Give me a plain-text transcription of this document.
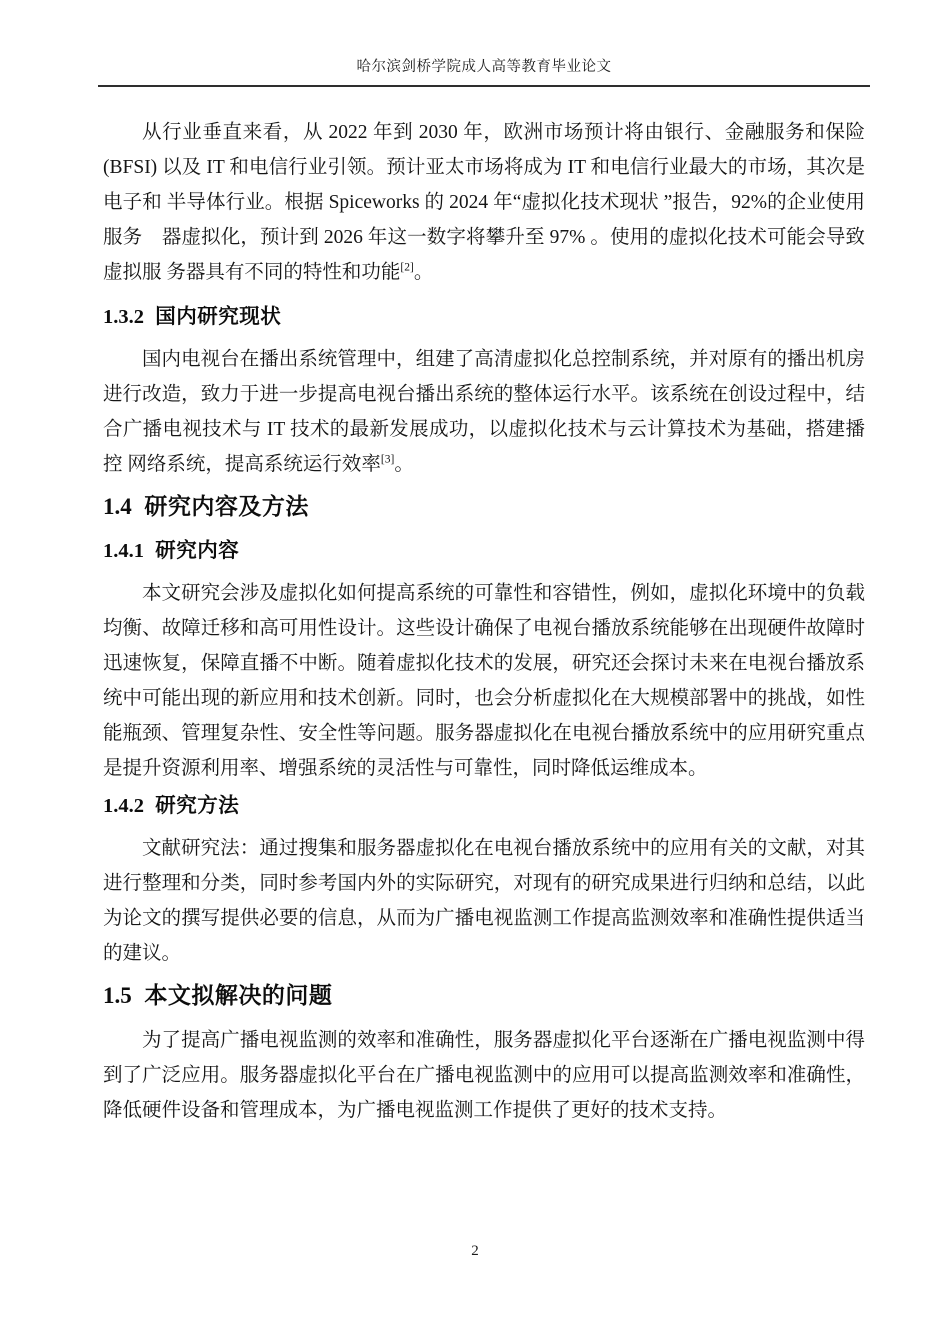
哈尔滨剑桥学院成人高等教育毕业论文

从行业垂直来看，从 2022 年到 2030 年，欧洲市场预计将由银行、金融服务和保险(BFSI) 以及 IT 和电信行业引领。预计亚太市场将成为 IT 和电信行业最大的市场，其次是电子和 半导体行业。根据 Spiceworks 的 2024 年“虚拟化技术现状 ”报告，92%的企业使用服务　器虚拟化，预计到 2026 年这一数字将攀升至 97% 。使用的虚拟化技术可能会导致虚拟服 务器具有不同的特性和功能[2]。

1.3.2 国内研究现状

国内电视台在播出系统管理中，组建了高清虚拟化总控制系统，并对原有的播出机房进行改造，致力于进一步提高电视台播出系统的整体运行水平。该系统在创设过程中，结合广播电视技术与 IT 技术的最新发展成功，以虚拟化技术与云计算技术为基础，搭建播控 网络系统，提高系统运行效率[3]。

1.4 研究内容及方法
1.4.1 研究内容

本文研究会涉及虚拟化如何提高系统的可靠性和容错性，例如，虚拟化环境中的负载均衡、故障迁移和高可用性设计。这些设计确保了电视台播放系统能够在出现硬件故障时迅速恢复，保障直播不中断。随着虚拟化技术的发展，研究还会探讨未来在电视台播放系统中可能出现的新应用和技术创新。同时，也会分析虚拟化在大规模部署中的挑战，如性能瓶颈、管理复杂性、安全性等问题。服务器虚拟化在电视台播放系统中的应用研究重点是提升资源利用率、增强系统的灵活性与可靠性，同时降低运维成本。

1.4.2 研究方法

文献研究法：通过搜集和服务器虚拟化在电视台播放系统中的应用有关的文献，对其进行整理和分类，同时参考国内外的实际研究，对现有的研究成果进行归纳和总结，以此为论文的撰写提供必要的信息，从而为广播电视监测工作提高监测效率和准确性提供适当的建议。

1.5 本文拟解决的问题

为了提高广播电视监测的效率和准确性，服务器虚拟化平台逐渐在广播电视监测中得到了广泛应用。服务器虚拟化平台在广播电视监测中的应用可以提高监测效率和准确性，降低硬件设备和管理成本，为广播电视监测工作提供了更好的技术支持。

2
